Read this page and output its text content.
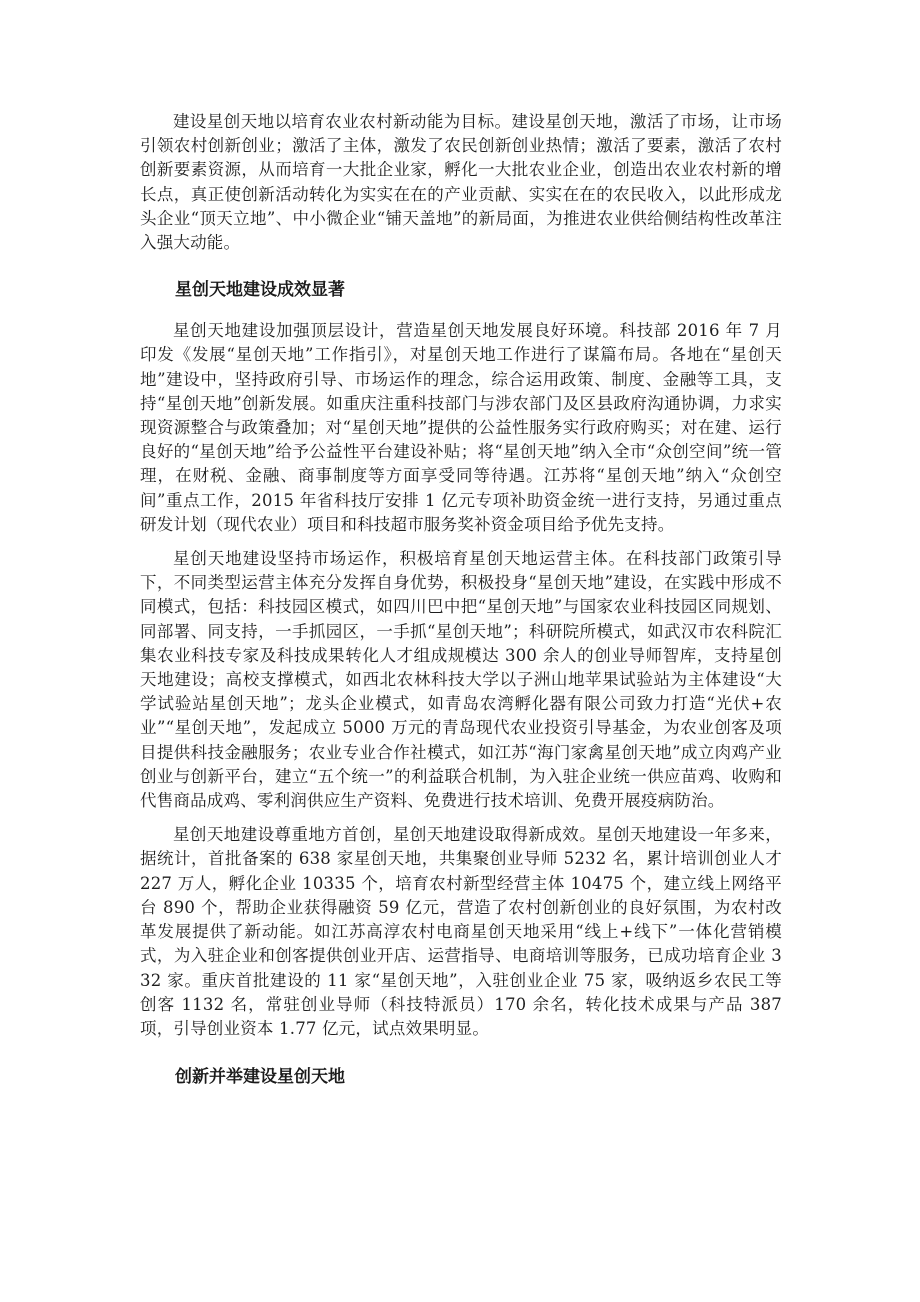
建设星创天地以培育农业农村新动能为目标。建设星创天地，激活了市场，让市场引领农村创新创业；激活了主体，激发了农民创新创业热情；激活了要素，激活了农村创新要素资源，从而培育一大批企业家，孵化一大批农业企业，创造出农业农村新的增长点，真正使创新活动转化为实实在在的产业贡献、实实在在的农民收入，以此形成龙头企业“顶天立地”、中小微企业“铺天盖地”的新局面，为推进农业供给侧结构性改革注入强大动能。

星创天地建设成效显著

星创天地建设加强顶层设计，营造星创天地发展良好环境。科技部 2016 年 7 月印发《发展“星创天地”工作指引》，对星创天地工作进行了谋篇布局。各地在“星创天地”建设中，坚持政府引导、市场运作的理念，综合运用政策、制度、金融等工具，支持“星创天地”创新发展。如重庆注重科技部门与涉农部门及区县政府沟通协调，力求实现资源整合与政策叠加；对“星创天地”提供的公益性服务实行政府购买；对在建、运行良好的“星创天地”给予公益性平台建设补贴；将“星创天地”纳入全市“众创空间”统一管理，在财税、金融、商事制度等方面享受同等待遇。江苏将“星创天地”纳入“众创空间”重点工作，2015 年省科技厅安排 1 亿元专项补助资金统一进行支持，另通过重点研发计划（现代农业）项目和科技超市服务奖补资金项目给予优先支持。

星创天地建设坚持市场运作，积极培育星创天地运营主体。在科技部门政策引导下，不同类型运营主体充分发挥自身优势，积极投身“星创天地”建设，在实践中形成不同模式，包括：科技园区模式，如四川巴中把“星创天地”与国家农业科技园区同规划、同部署、同支持，一手抓园区，一手抓“星创天地”；科研院所模式，如武汉市农科院汇集农业科技专家及科技成果转化人才组成规模达 300 余人的创业导师智库，支持星创天地建设；高校支撑模式，如西北农林科技大学以子洲山地苹果试验站为主体建设“大学试验站星创天地”；龙头企业模式，如青岛农湾孵化器有限公司致力打造“光伏+农业”“星创天地”，发起成立 5000 万元的青岛现代农业投资引导基金，为农业创客及项目提供科技金融服务；农业专业合作社模式，如江苏“海门家禽星创天地”成立肉鸡产业创业与创新平台，建立“五个统一”的利益联合机制，为入驻企业统一供应苗鸡、收购和代售商品成鸡、零利润供应生产资料、免费进行技术培训、免费开展疫病防治。

星创天地建设尊重地方首创，星创天地建设取得新成效。星创天地建设一年多来，据统计，首批备案的 638 家星创天地，共集聚创业导师 5232 名，累计培训创业人才 227 万人，孵化企业 10335 个，培育农村新型经营主体 10475 个，建立线上网络平台 890 个，帮助企业获得融资 59 亿元，营造了农村创新创业的良好氛围，为农村改革发展提供了新动能。如江苏高淳农村电商星创天地采用“线上+线下”一体化营销模式，为入驻企业和创客提供创业开店、运营指导、电商培训等服务，已成功培育企业 332 家。重庆首批建设的 11 家“星创天地”，入驻创业企业 75 家，吸纳返乡农民工等创客 1132 名，常驻创业导师（科技特派员）170 余名，转化技术成果与产品 387 项，引导创业资本 1.77 亿元，试点效果明显。

创新并举建设星创天地
